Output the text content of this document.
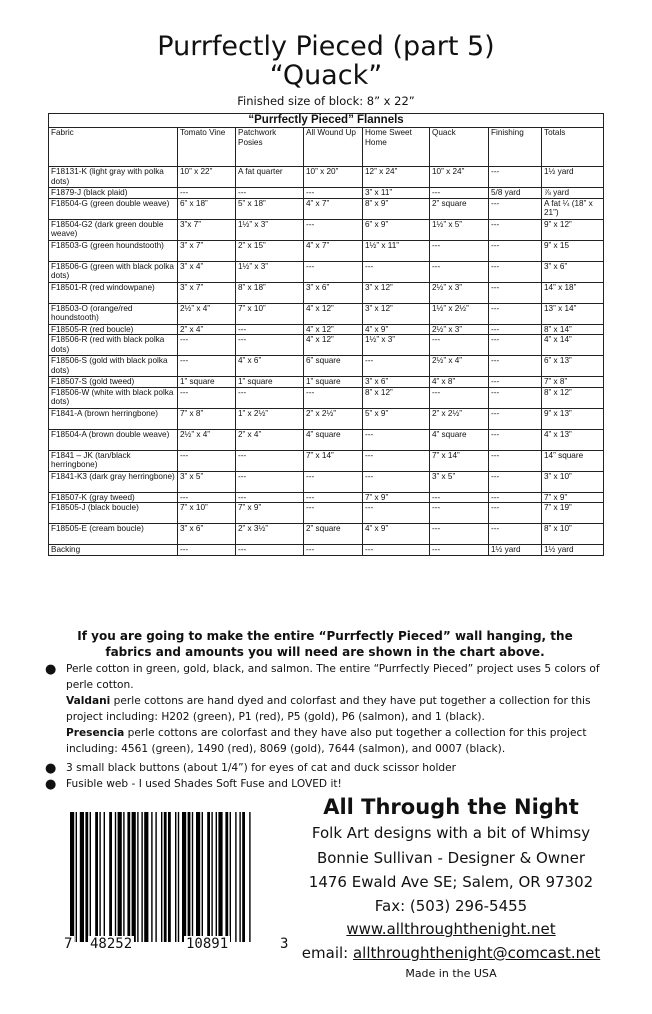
Purrfectly Pieced (part 5)
“Quack”
Finished size of block: 8” x 22”
“Purrfectly Pieced” Flannels							
Fabric	Tomato Vine	Patchwork Posies	All Wound Up	Home Sweet Home	Quack	Finishing	Totals
F18131-K (light gray with polka dots)	10” x 22”	A fat quarter	10” x 20”	12” x 24”	10” x 24”	---	1½ yard
F1879-J (black plaid)	---	---	---	3” x 11”	---	5/8 yard	⅞ yard
F18504-G (green double weave)	6” x 18”	5” x 18”	4” x 7”	8” x 9”	2” square	---	A fat ¼ (18” x 21”)
F18504-G2 (dark green double weave)	3”x 7”	1½” x 3”	---	6” x 9”	1½” x 5”	---	9” x 12”
F18503-G (green houndstooth)	3” x 7”	2” x 15”	4” x 7”	1½” x 11”	---	---	9” x 15
F18506-G (green with black polka dots)	3” x 4”	1½” x 3”	---	---	---	---	3” x 6”
F18501-R (red windowpane)	3” x 7”	8” x 18”	3” x 6”	3” x 12”	2½” x 3”	---	14” x 18”
F18503-O (orange/red houndstooth)	2½” x 4”	7” x 10”	4” x 12”	3” x 12”	1½” x 2½”	---	13” x 14”
F18505-R (red boucle)	2” x 4”	---	4” x 12”	4” x 9”	2½” x 3”	---	8” x 14”
F18506-R (red with black polka dots)	---	---	4” x 12”	1½” x 3”	---	---	4” x 14”
F18506-S (gold with black polka dots)	---	4” x 6”	6” square	---	2½” x 4”	---	6” x 13”
F18507-S (gold tweed)	1” square	1” square	1” square	3” x 6”	4” x 8”	---	7” x 8”
F18506-W (white with black polka dots)	---	---	---	8” x 12”	---	---	8” x 12”
F1841-A (brown herringbone)	7” x 8”	1” x 2½”	2” x 2½”	5” x 9”	2” x 2½”	---	9” x 13”
F18504-A (brown double weave)	2½” x 4”	2” x 4”	4” square	---	4” square	---	4” x 13”
F1841 – JK (tan/black herringbone)	---	---	7” x 14”	---	7” x 14”	---	14” square
F1841-K3 (dark gray herringbone)	3” x 5”	---	---	---	3” x 5”	---	3” x 10”
F18507-K (gray tweed)	---	---	---	7” x 9”	---	---	7” x 9”
F18505-J (black boucle)	7” x 10”	7” x 9”	---	---	---	---	7” x 19”
F18505-E (cream boucle)	3” x 6”	2” x 3½”	2” square	4” x 9”	---	---	8” x 10”
Backing	---	---	---	---	---	1½ yard	1½ yard
If you are going to make the entire “Purrfectly Pieced” wall hanging, the fabrics and amounts you will need are shown in the chart above.
● Perle cotton in green, gold, black, and salmon. The entire “Purrfectly Pieced” project uses 5 colors of perle cotton.
Valdani perle cottons are hand dyed and colorfast and they have put together a collection for this project including: H202 (green), P1 (red), P5 (gold), P6 (salmon), and 1 (black).
Presencia perle cottons are colorfast and they have also put together a collection for this project including: 4561 (green), 1490 (red), 8069 (gold), 7644 (salmon), and 0007 (black).
● 3 small black buttons (about 1/4”) for eyes of cat and duck scissor holder
● Fusible web - I used Shades Soft Fuse and LOVED it!
7 48252	10891	3
All Through the Night
Folk Art designs with a bit of Whimsy
Bonnie Sullivan - Designer & Owner
1476 Ewald Ave SE; Salem, OR 97302
Fax: (503) 296-5455
www.allthroughthenight.net
email: allthroughthenight@comcast.net
Made in the USA
